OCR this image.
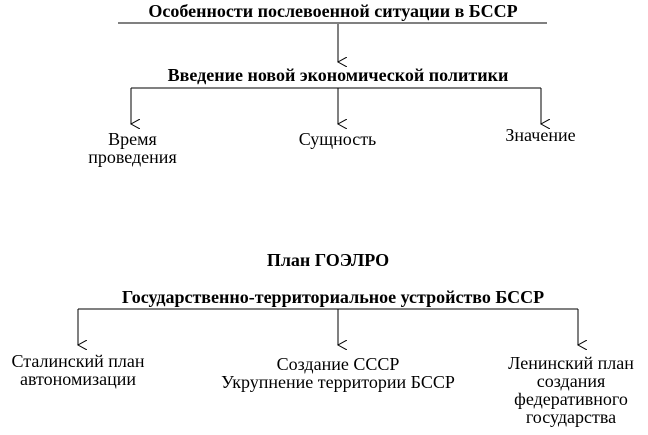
Особенности послевоенной ситуации в БССР
Введение новой экономической политики
Время
проведения
Сущность	Значение
План ГОЭЛРО
Государственно-территориальное устройство БССР
Сталинский план
автономизации
Создание СССР
Укрупнение территории БССР
Ленинский план
создания
федеративного
государства
